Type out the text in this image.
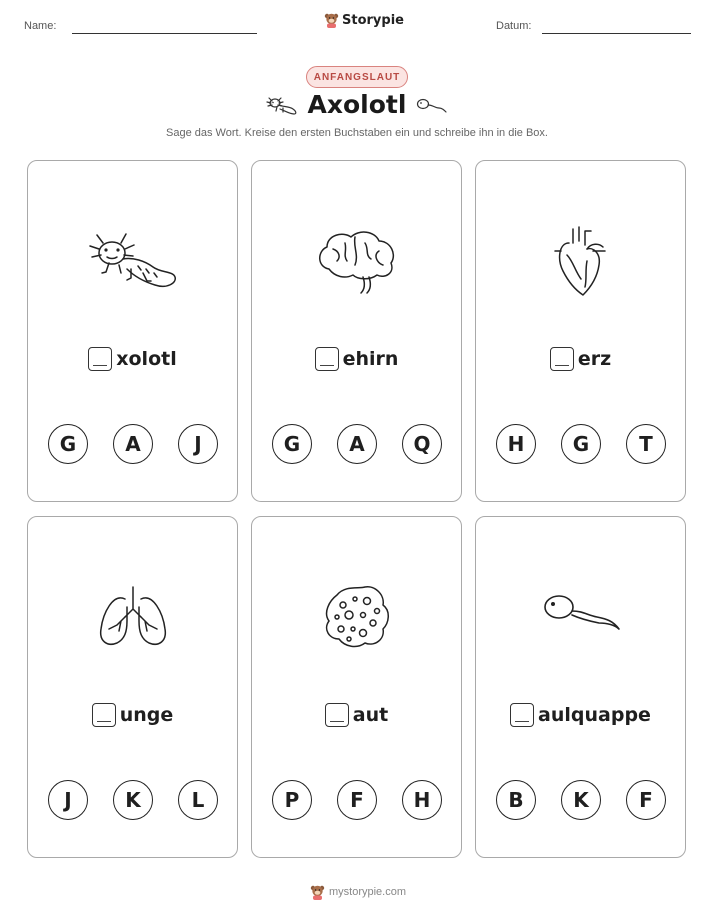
Name:	Storypie	Datum:
ANFANGSLAUT
Axolotl
Sage das Wort. Kreise den ersten Buchstaben ein und schreibe ihn in die Box.
xolotl
G	A	J
ehirn
G	A	Q
erz
H	G	T
unge
J	K	L
aut
P	F	H
aulquappe
B	K	F
mystorypie.com
